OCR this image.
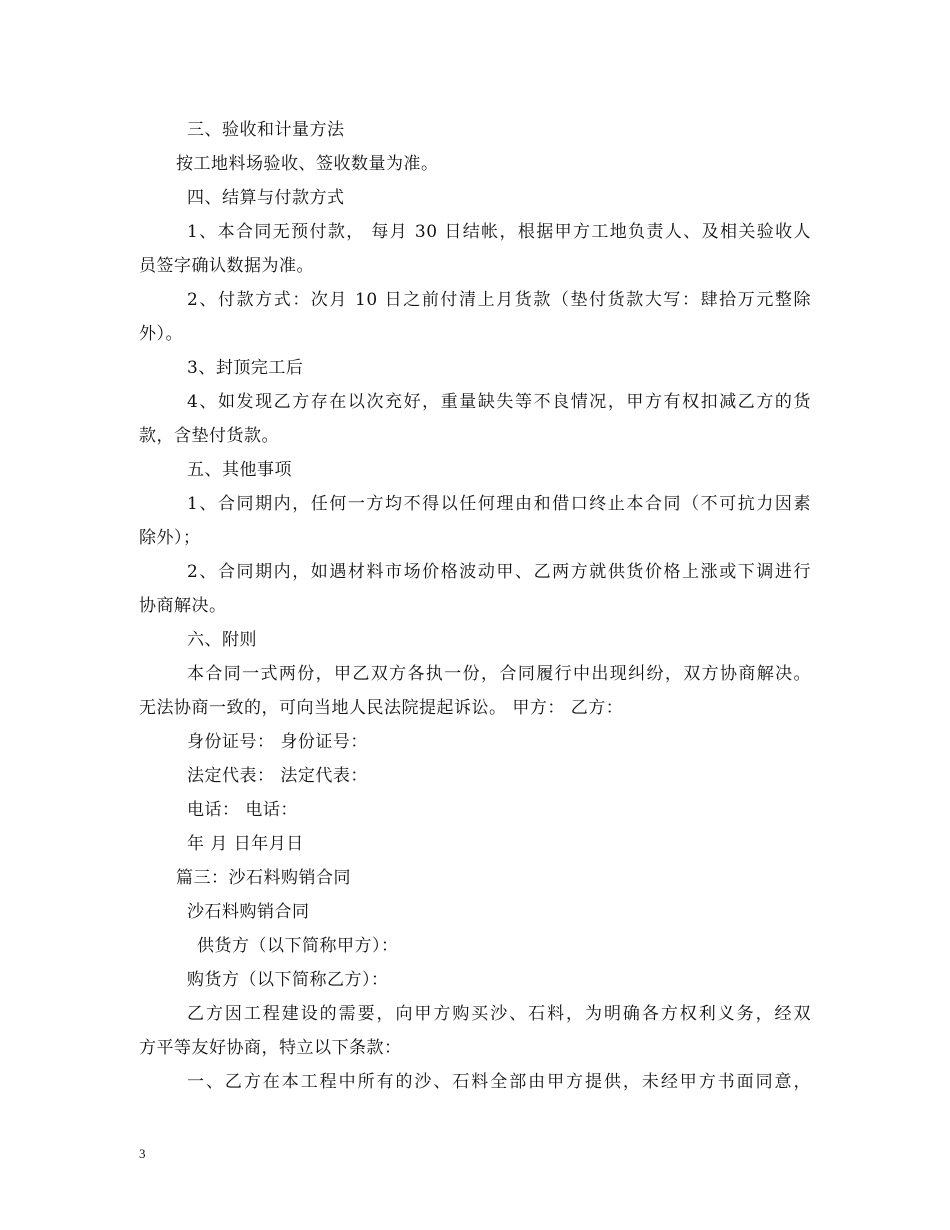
三、验收和计量方法
按工地料场验收、签收数量为准。
四、结算与付款方式
1、本合同无预付款， 每月 30 日结帐，根据甲方工地负责人、及相关验收人
员签字确认数据为准。
2、付款方式：次月 10 日之前付清上月货款（垫付货款大写：肆拾万元整除
外）。
3、封顶完工后
4、如发现乙方存在以次充好，重量缺失等不良情况，甲方有权扣减乙方的货
款，含垫付货款。
五、其他事项
1、合同期内，任何一方均不得以任何理由和借口终止本合同（不可抗力因素
除外）；
2、合同期内，如遇材料市场价格波动甲、乙两方就供货价格上涨或下调进行
协商解决。
六、附则
本合同一式两份，甲乙双方各执一份，合同履行中出现纠纷，双方协商解决。
无法协商一致的，可向当地人民法院提起诉讼。 甲方： 乙方：
身份证号： 身份证号：
法定代表： 法定代表：
电话： 电话：
年 月 日年月日
篇三：沙石料购销合同
沙石料购销合同
供货方（以下简称甲方）：
购货方（以下简称乙方）：
乙方因工程建设的需要，向甲方购买沙、石料，为明确各方权利义务，经双
方平等友好协商，特立以下条款：
一、乙方在本工程中所有的沙、石料全部由甲方提供，未经甲方书面同意，
3
